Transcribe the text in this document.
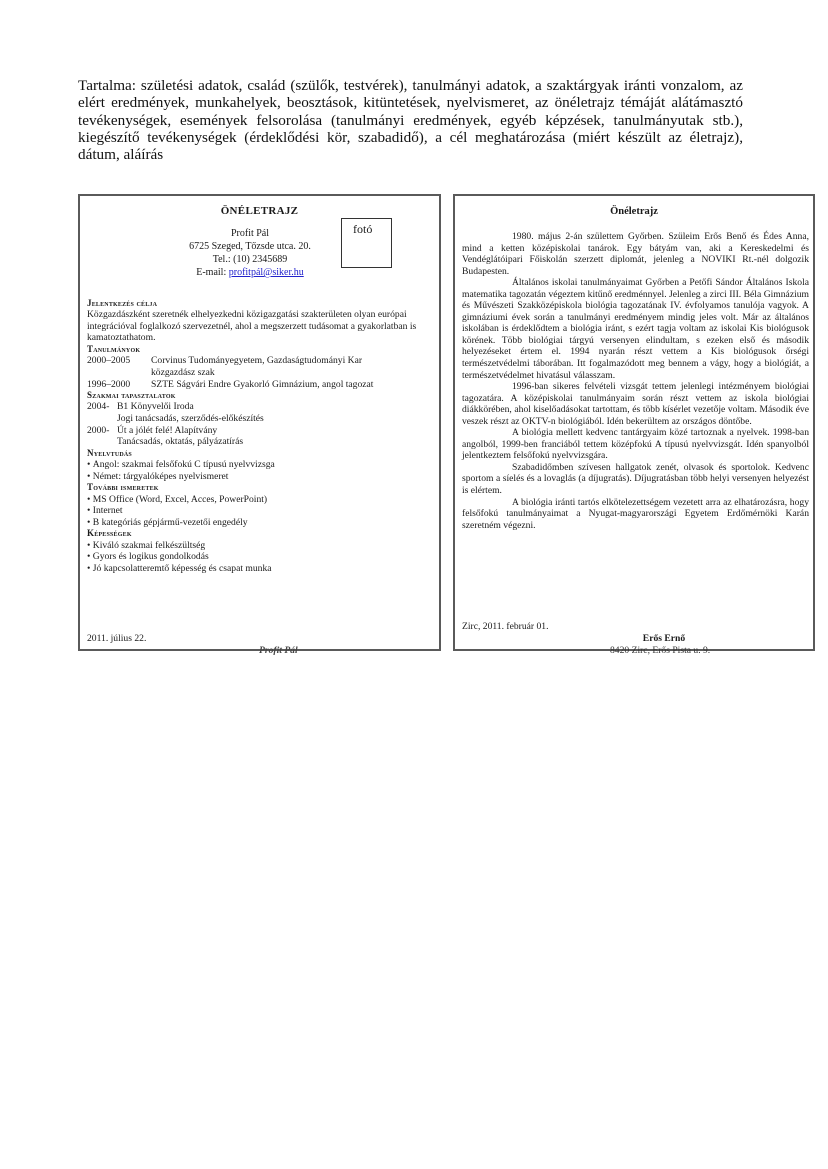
Tartalma: születési adatok, család (szülők, testvérek), tanulmányi adatok, a szaktárgyak iránti vonzalom, az elért eredmények, munkahelyek, beosztások, kitüntetések, nyelvismeret, az önéletrajz témáját alátámasztó tevékenységek, események felsorolása (tanulmányi eredmények, egyéb képzések, tanulmányutak stb.), kiegészítő tevékenységek (érdeklődési kör, szabadidő), a cél meghatározása (miért készült az életrajz), dátum, aláírás
ÖNÉLETRAJZ
Profit Pál
6725 Szeged, Tőzsde utca. 20.
Tel.: (10) 2345689
E-mail: profitpál@siker.hu
fotó
Jelentkezés célja
Közgazdászként szeretnék elhelyezkedni közigazgatási szakterületen olyan európai integrációval foglalkozó szervezetnél, ahol a megszerzett tudásomat a gyakorlatban is kamatoztathatom.
Tanulmányok
2000–2005	Corvinus Tudományegyetem, Gazdaságtudományi Kar
közgazdász szak
1996–2000	SZTE Ságvári Endre Gyakorló Gimnázium, angol tagozat
Szakmai tapasztalatok
2004- B1 Könyvelői Iroda
Jogi tanácsadás, szerződés-előkészítés
2000- Út a jólét felé! Alapítvány
Tanácsadás, oktatás, pályázatírás
Nyelvtudás
• Angol: szakmai felsőfokú C típusú nyelvvizsga
• Német: tárgyalóképes nyelvismeret
További ismeretek
• MS Office (Word, Excel, Acces, PowerPoint)
• Internet
• B kategóriás gépjármű-vezetői engedély
Képességek
• Kiváló szakmai felkészültség
• Gyors és logikus gondolkodás
• Jó kapcsolatteremtő képesség és csapat munka
2011. július 22.
Profit Pál
Önéletrajz

1980. május 2-án születtem Győrben. Szüleim Erős Benő és Édes Anna, mind a ketten középiskolai tanárok. Egy bátyám van, aki a Kereskedelmi és Vendéglátóipari Főiskolán szerzett diplomát, jelenleg a NOVIKI Rt.-nél dolgozik Budapesten.

Általános iskolai tanulmányaimat Győrben a Petőfi Sándor Általános Iskola matematika tagozatán végeztem kitűnő eredménnyel. Jelenleg a zirci III. Béla Gimnázium és Művészeti Szakközépiskola biológia tagozatának IV. évfolyamos tanulója vagyok. A gimnáziumi évek során a tanulmányi eredményem mindig jeles volt. Már az általános iskolában is érdeklődtem a biológia iránt, s ezért tagja voltam az iskolai Kis biológusok körének. Több biológiai tárgyú versenyen elindultam, s ezeken első és második helyezéseket értem el. 1994 nyarán részt vettem a Kis biológusok őrségi természetvédelmi táborában. Itt fogalmazódott meg bennem a vágy, hogy a biológiát, a természetvédelmet hivatásul válasszam.

1996-ban sikeres felvételi vizsgát tettem jelenlegi intézményem biológiai tagozatára. A középiskolai tanulmányaim során részt vettem az iskola biológiai diákkörében, ahol kiselőadásokat tartottam, és több kísérlet vezetője voltam. Második éve veszek részt az OKTV-n biológiából. Idén bekerültem az országos döntőbe.

A biológia mellett kedvenc tantárgyaim közé tartoznak a nyelvek. 1998-ban angolból, 1999-ben franciából tettem középfokú A típusú nyelvvizsgát. Idén spanyolból jelentkeztem felsőfokú nyelvvizsgára.

Szabadidőmben szívesen hallgatok zenét, olvasok és sportolok. Kedvenc sportom a síelés és a lovaglás (a díjugratás). Díjugratásban több helyi versenyen helyezést is elértem.

A biológia iránti tartós elkötelezettségem vezetett arra az elhatározásra, hogy felsőfokú tanulmányaimat a Nyugat-magyarországi Egyetem Erdőmérnöki Karán szeretném végezni.

Zirc, 2011. február 01.
Erős Ernő
8420 Zirc, Erős Pista u. 9.
